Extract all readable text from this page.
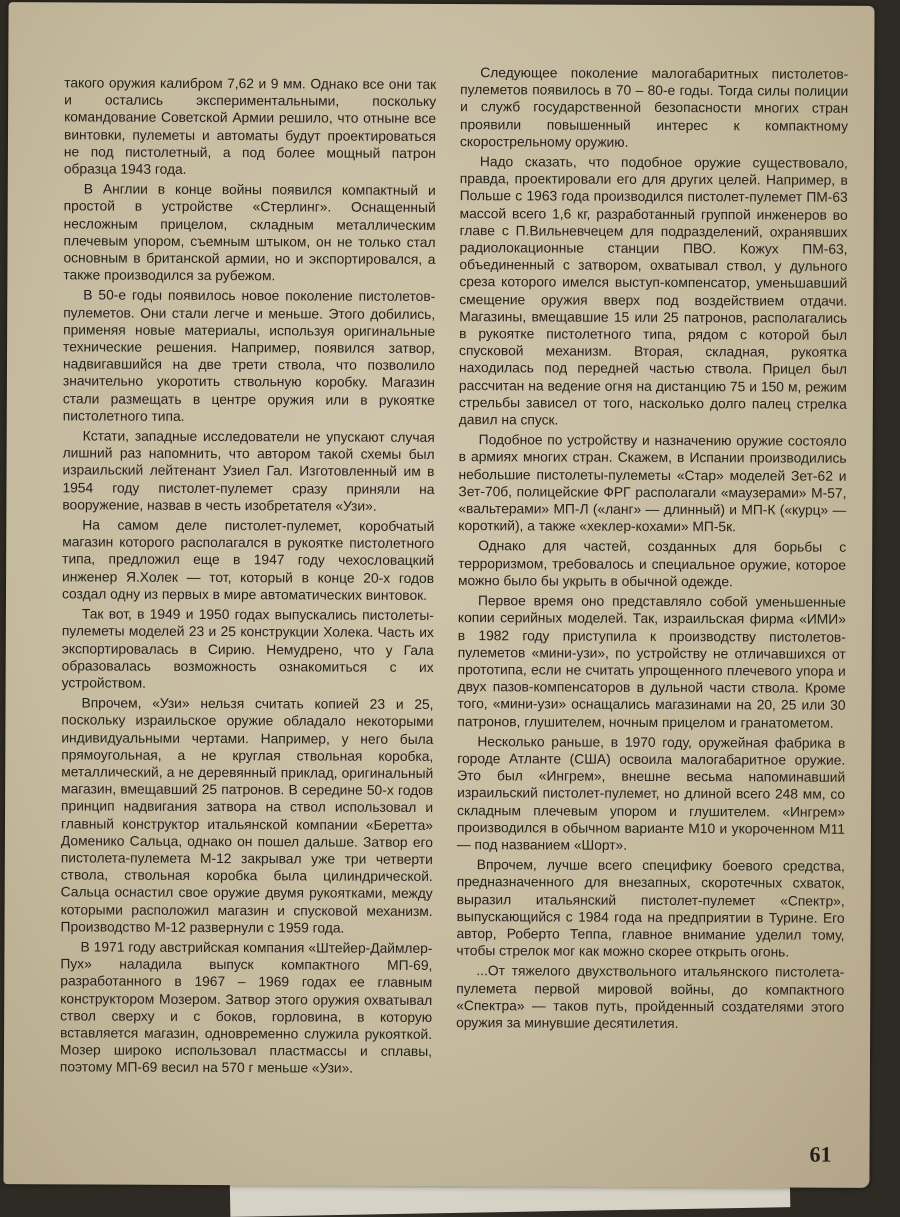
такого оружия калибром 7,62 и 9 мм. Однако все они так и остались экспериментальными, поскольку командование Советской Армии решило, что отныне все винтовки, пулеметы и автоматы будут проектироваться не под пистолетный, а под более мощный патрон образца 1943 года.

В Англии в конце войны появился компактный и простой в устройстве «Стерлинг». Оснащенный несложным прицелом, складным металлическим плечевым упором, съемным штыком, он не только стал основным в британской армии, но и экспортировался, а также производился за рубежом.

В 50-е годы появилось новое поколение пистолетов-пулеметов. Они стали легче и меньше. Этого добились, применяя новые материалы, используя оригинальные технические решения. Например, появился затвор, надвигавшийся на две трети ствола, что позволило значительно укоротить ствольную коробку. Магазин стали размещать в центре оружия или в рукоятке пистолетного типа.

Кстати, западные исследователи не упускают случая лишний раз напомнить, что автором такой схемы был израильский лейтенант Узиел Гал. Изготовленный им в 1954 году пистолет-пулемет сразу приняли на вооружение, назвав в честь изобретателя «Узи».

На самом деле пистолет-пулемет, коробчатый магазин которого располагался в рукоятке пистолетного типа, предложил еще в 1947 году чехословацкий инженер Я.Холек — тот, который в конце 20-х годов создал одну из первых в мире автоматических винтовок.

Так вот, в 1949 и 1950 годах выпускались пистолеты-пулеметы моделей 23 и 25 конструкции Холека. Часть их экспортировалась в Сирию. Немудрено, что у Гала образовалась возможность ознакомиться с их устройством.

Впрочем, «Узи» нельзя считать копией 23 и 25, поскольку израильское оружие обладало некоторыми индивидуальными чертами. Например, у него была прямоугольная, а не круглая ствольная коробка, металлический, а не деревянный приклад, оригинальный магазин, вмещавший 25 патронов. В середине 50-х годов принцип надвигания затвора на ствол использовал и главный конструктор итальянской компании «Беретта» Доменико Сальца, однако он пошел дальше. Затвор его пистолета-пулемета М-12 закрывал уже три четверти ствола, ствольная коробка была цилиндрической. Сальца оснастил свое оружие двумя рукоятками, между которыми расположил магазин и спусковой механизм. Производство М-12 развернули с 1959 года.

В 1971 году австрийская компания «Штейер-Даймлер-Пух» наладила выпуск компактного МП-69, разработанного в 1967 – 1969 годах ее главным конструктором Мозером. Затвор этого оружия охватывал ствол сверху и с боков, горловина, в которую вставляется магазин, одновременно служила рукояткой. Мозер широко использовал пластмассы и сплавы, поэтому МП-69 весил на 570 г меньше «Узи».

Следующее поколение малогабаритных пистолетов-пулеметов появилось в 70 – 80-е годы. Тогда силы полиции и служб государственной безопасности многих стран проявили повышенный интерес к компактному скорострельному оружию.

Надо сказать, что подобное оружие существовало, правда, проектировали его для других целей. Например, в Польше с 1963 года производился пистолет-пулемет ПМ-63 массой всего 1,6 кг, разработанный группой инженеров во главе с П.Вильневчецем для подразделений, охранявших радиолокационные станции ПВО. Кожух ПМ-63, объединенный с затвором, охватывал ствол, у дульного среза которого имелся выступ-компенсатор, уменьшавший смещение оружия вверх под воздействием отдачи. Магазины, вмещавшие 15 или 25 патронов, располагались в рукоятке пистолетного типа, рядом с которой был спусковой механизм. Вторая, складная, рукоятка находилась под передней частью ствола. Прицел был рассчитан на ведение огня на дистанцию 75 и 150 м, режим стрельбы зависел от того, насколько долго палец стрелка давил на спуск.

Подобное по устройству и назначению оружие состояло в армиях многих стран. Скажем, в Испании производились небольшие пистолеты-пулеметы «Стар» моделей Зет-62 и Зет-70б, полицейские ФРГ располагали «маузерами» М-57, «вальтерами» МП-Л («ланг» — длинный) и МП-К («курц» — короткий), а также «хеклер-кохами» МП-5к.

Однако для частей, созданных для борьбы с терроризмом, требовалось и специальное оружие, которое можно было бы укрыть в обычной одежде.

Первое время оно представляло собой уменьшенные копии серийных моделей. Так, израильская фирма «ИМИ» в 1982 году приступила к производству пистолетов-пулеметов «мини-узи», по устройству не отличавшихся от прототипа, если не считать упрощенного плечевого упора и двух пазов-компенсаторов в дульной части ствола. Кроме того, «мини-узи» оснащались магазинами на 20, 25 или 30 патронов, глушителем, ночным прицелом и гранатометом.

Несколько раньше, в 1970 году, оружейная фабрика в городе Атланте (США) освоила малогабаритное оружие. Это был «Ингрем», внешне весьма напоминавший израильский пистолет-пулемет, но длиной всего 248 мм, со складным плечевым упором и глушителем. «Ингрем» производился в обычном варианте М10 и укороченном М11 — под названием «Шорт».

Впрочем, лучше всего специфику боевого средства, предназначенного для внезапных, скоротечных схваток, выразил итальянский пистолет-пулемет «Спектр», выпускающийся с 1984 года на предприятии в Турине. Его автор, Роберто Теппа, главное внимание уделил тому, чтобы стрелок мог как можно скорее открыть огонь.

...От тяжелого двухствольного итальянского пистолета-пулемета первой мировой войны, до компактного «Спектра» — таков путь, пройденный создателями этого оружия за минувшие десятилетия.

61
